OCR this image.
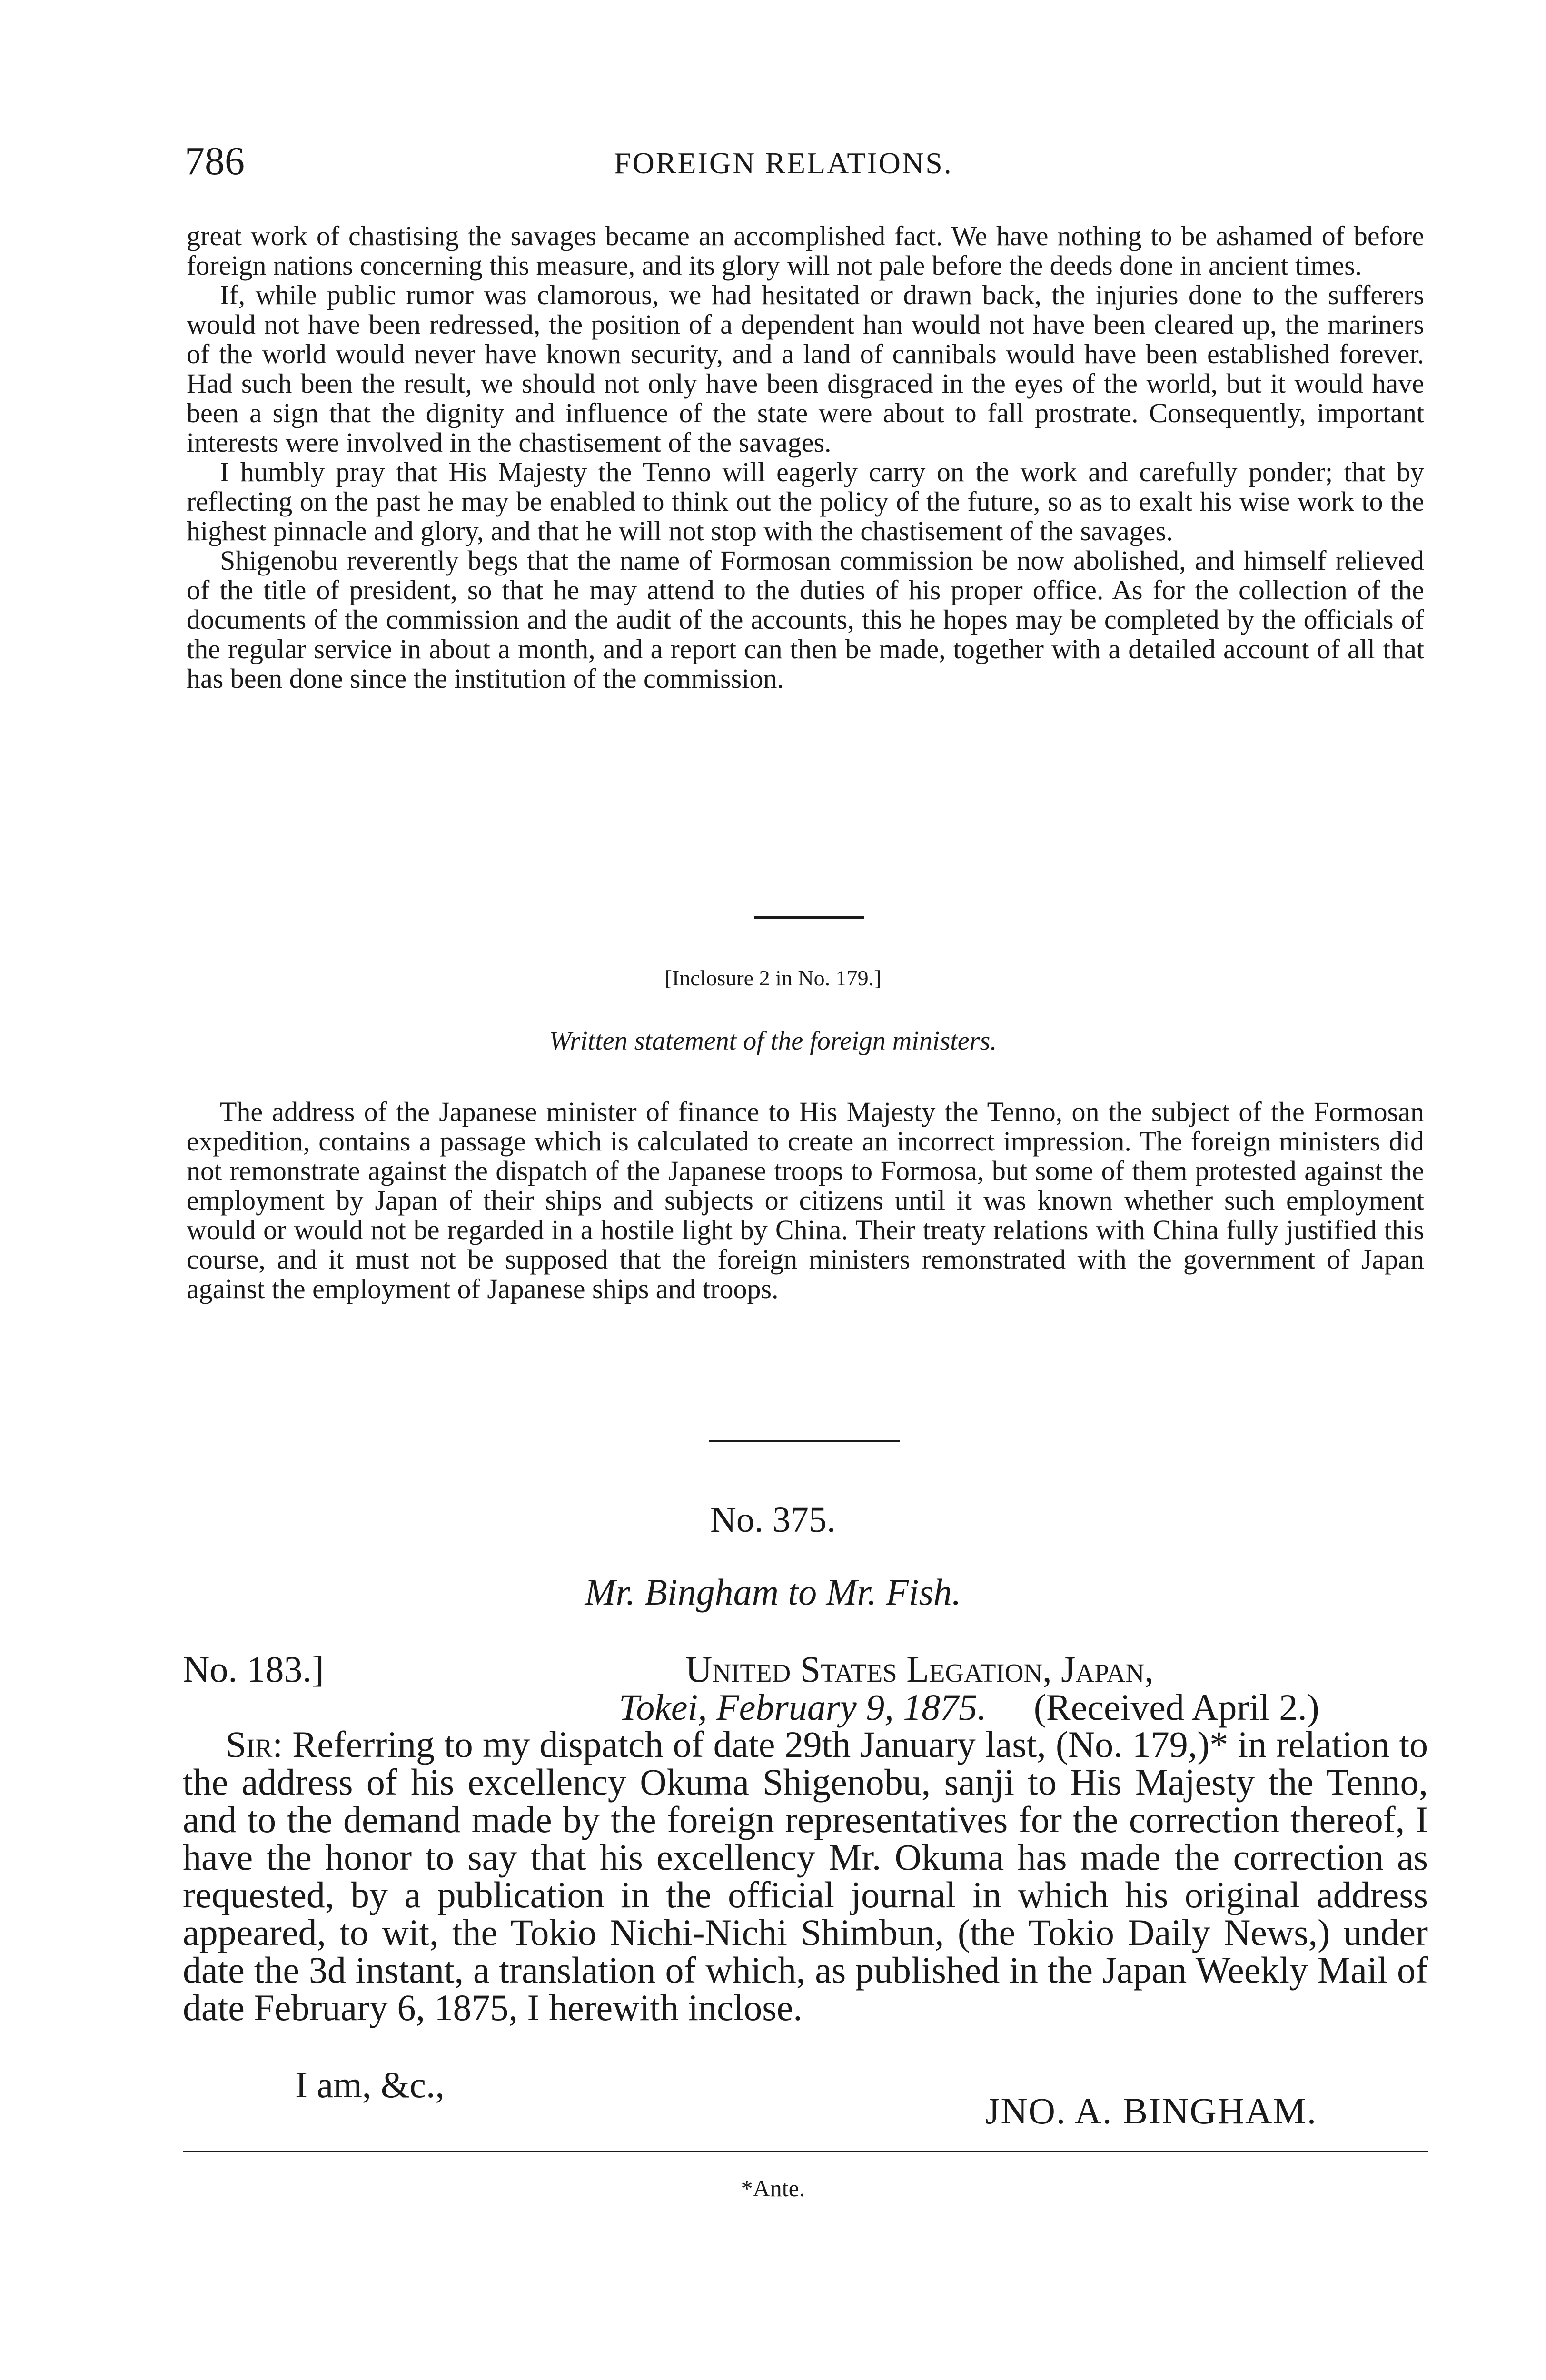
786	FOREIGN RELATIONS.

great work of chastising the savages became an accomplished fact. We have nothing to be ashamed of before foreign nations concerning this measure, and its glory will not pale before the deeds done in ancient times.

If, while public rumor was clamorous, we had hesitated or drawn back, the injuries done to the sufferers would not have been redressed, the position of a dependent han would not have been cleared up, the mariners of the world would never have known security, and a land of cannibals would have been established forever. Had such been the result, we should not only have been disgraced in the eyes of the world, but it would have been a sign that the dignity and influence of the state were about to fall prostrate. Consequently, important interests were involved in the chastisement of the savages.

I humbly pray that His Majesty the Tenno will eagerly carry on the work and carefully ponder; that by reflecting on the past he may be enabled to think out the policy of the future, so as to exalt his wise work to the highest pinnacle and glory, and that he will not stop with the chastisement of the savages.

Shigenobu reverently begs that the name of Formosan commission be now abolished, and himself relieved of the title of president, so that he may attend to the duties of his proper office. As for the collection of the documents of the commission and the audit of the accounts, this he hopes may be completed by the officials of the regular service in about a month, and a report can then be made, together with a detailed account of all that has been done since the institution of the commission.

[Inclosure 2 in No. 179.]
Written statement of the foreign ministers.

The address of the Japanese minister of finance to His Majesty the Tenno, on the subject of the Formosan expedition, contains a passage which is calculated to create an incorrect impression. The foreign ministers did not remonstrate against the dispatch of the Japanese troops to Formosa, but some of them protested against the employment by Japan of their ships and subjects or citizens until it was known whether such employment would or would not be regarded in a hostile light by China. Their treaty relations with China fully justified this course, and it must not be supposed that the foreign ministers remonstrated with the government of Japan against the employment of Japanese ships and troops.

No. 375.
Mr. Bingham to Mr. Fish.
No. 183.]	United States Legation, Japan,
Tokei, February 9, 1875. (Received April 2.)

Sir: Referring to my dispatch of date 29th January last, (No. 179,)* in relation to the address of his excellency Okuma Shigenobu, sanji to His Majesty the Tenno, and to the demand made by the foreign representatives for the correction thereof, I have the honor to say that his excellency Mr. Okuma has made the correction as requested, by a publication in the official journal in which his original address appeared, to wit, the Tokio Nichi-Nichi Shimbun, (the Tokio Daily News,) under date the 3d instant, a translation of which, as published in the Japan Weekly Mail of date February 6, 1875, I herewith inclose.

I am, &c.,
JNO. A. BINGHAM.
*Ante.
